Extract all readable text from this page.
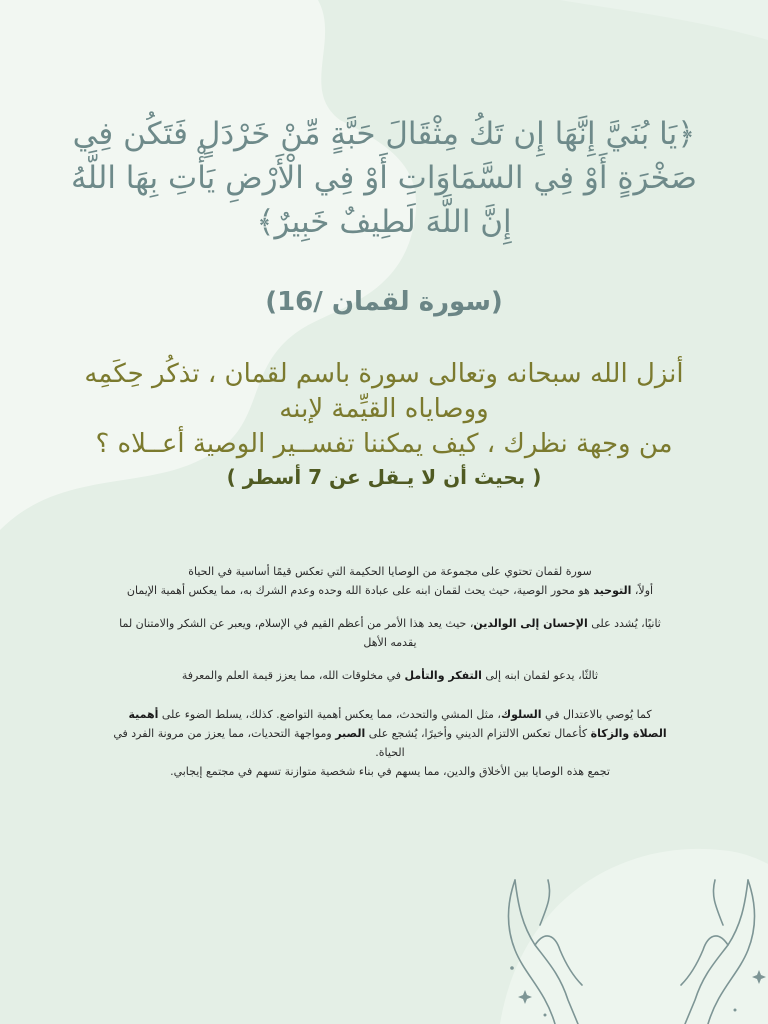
﴿يَا بُنَيَّ إِنَّهَا إِن تَكُ مِثْقَالَ حَبَّةٍ مِّنْ خَرْدَلٍ فَتَكُن فِي
صَخْرَةٍ أَوْ فِي السَّمَاوَاتِ أَوْ فِي الْأَرْضِ يَأْتِ بِهَا اللَّهُ
إِنَّ اللَّهَ لَطِيفٌ خَبِيرٌ﴾
(سورة لقمان /16)
أنزل الله سبحانه وتعالى سورة باسم لقمان ، تذكُر حِكَمِه
ووصاياه القيِّمة لإبنه
من وجهة نظرك ، كيف يمكننا تفســير الوصية أعــلاه ؟
( بحيث أن لا يـقل عن 7 أسطر )

سورة لقمان تحتوي على مجموعة من الوصايا الحكيمة التي تعكس قيمًا أساسية في الحياة

أولاً، التوحيد هو محور الوصية، حيث يحث لقمان ابنه على عبادة الله وحده وعدم الشرك به، مما يعكس أهمية الإيمان

ثانيًا، يُشدد على الإحسان إلى الوالدين، حيث يعد هذا الأمر من أعظم القيم في الإسلام، ويعبر عن الشكر والامتنان لما يقدمه الأهل

ثالثًا، يدعو لقمان ابنه إلى التفكر والتأمل في مخلوقات الله، مما يعزز قيمة العلم والمعرفة

كما يُوصي بالاعتدال في السلوك، مثل المشي والتحدث، مما يعكس أهمية التواضع. كذلك، يسلط الضوء على أهمية الصلاة والزكاة كأعمال تعكس الالتزام الديني وأخيرًا، يُشجع على الصبر ومواجهة التحديات، مما يعزز من مرونة الفرد في الحياة.

تجمع هذه الوصايا بين الأخلاق والدين، مما يسهم في بناء شخصية متوازنة تسهم في مجتمع إيجابي.
